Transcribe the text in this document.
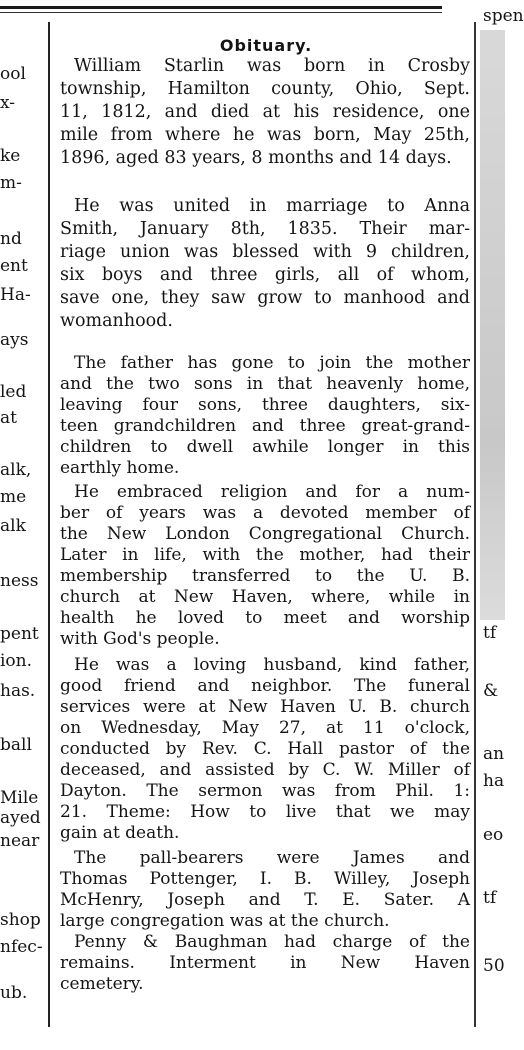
ool
x-
ke
m-
nd
ent
Ha-
ays
led
at
alk,
me
alk
ness
pent
ion.
has.
ball
Mile
ayed
near
shop
nfec-
ub.
spen
tf
&
an
ha
eo
tf
50
Obituary.
William Starlin was born in Crosby
township, Hamilton county, Ohio, Sept.
11, 1812, and died at his residence, one
mile from where he was born, May 25th,
1896, aged 83 years, 8 months and 14 days.
He was united in marriage to Anna
Smith, January 8th, 1835. Their mar-
riage union was blessed with 9 children,
six boys and three girls, all of whom,
save one, they saw grow to manhood and
womanhood.
The father has gone to join the mother
and the two sons in that heavenly home,
leaving four sons, three daughters, six-
teen grandchildren and three great-grand-
children to dwell awhile longer in this
earthly home.
He embraced religion and for a num-
ber of years was a devoted member of
the New London Congregational Church.
Later in life, with the mother, had their
membership transferred to the U. B.
church at New Haven, where, while in
health he loved to meet and worship
with God's people.
He was a loving husband, kind father,
good friend and neighbor. The funeral
services were at New Haven U. B. church
on Wednesday, May 27, at 11 o'clock,
conducted by Rev. C. Hall pastor of the
deceased, and assisted by C. W. Miller of
Dayton. The sermon was from Phil. 1:
21. Theme: How to live that we may
gain at death.
The pall-bearers were James and
Thomas Pottenger, I. B. Willey, Joseph
McHenry, Joseph and T. E. Sater. A
large congregation was at the church.
Penny & Baughman had charge of the
remains. Interment in New Haven
cemetery.
